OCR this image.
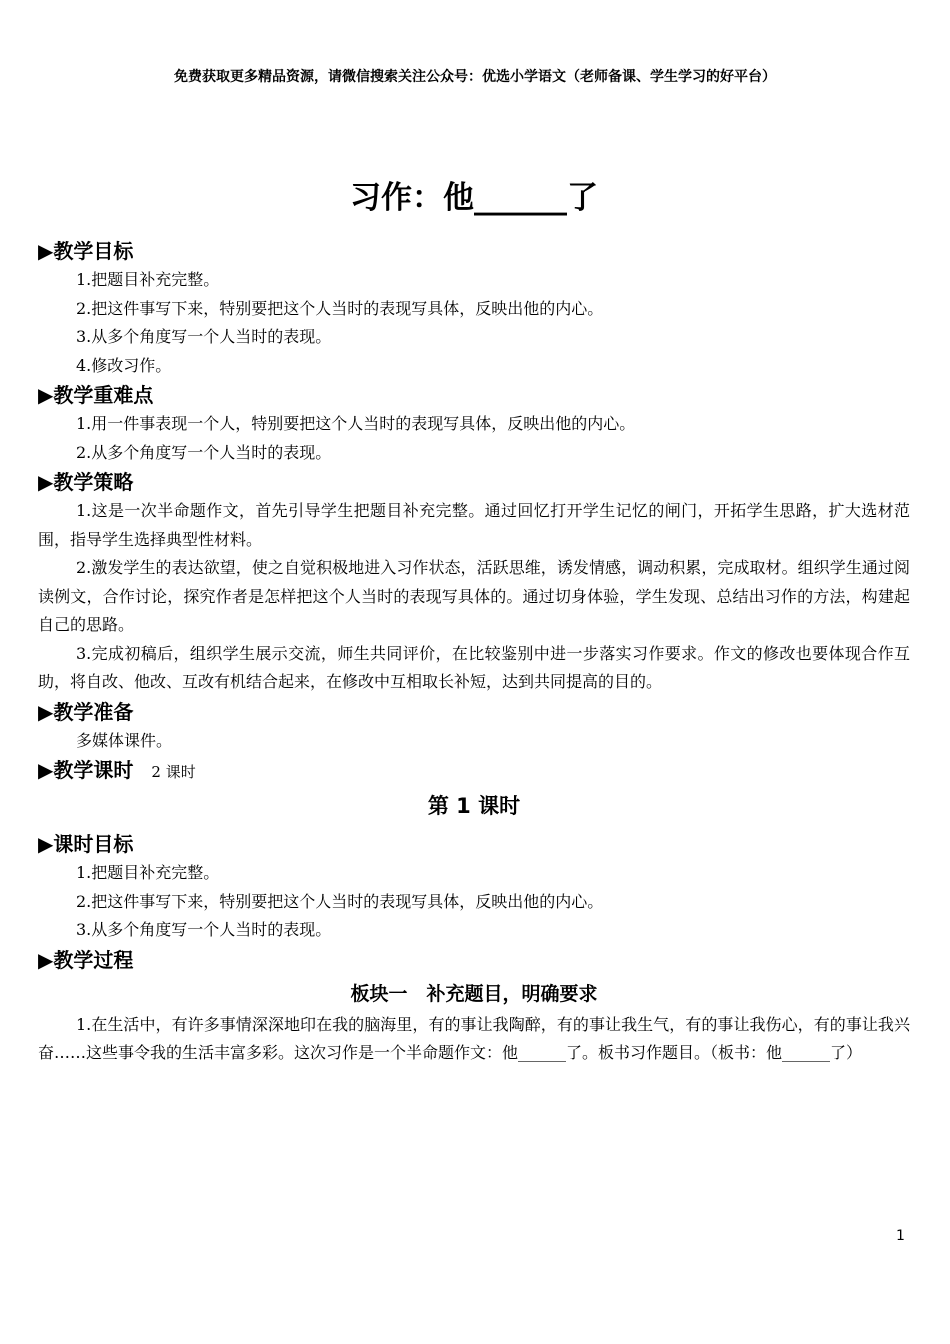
免费获取更多精品资源，请微信搜索关注公众号：优选小学语文（老师备课、学生学习的好平台）
习作：他______了
▶教学目标

1.把题目补充完整。

2.把这件事写下来，特别要把这个人当时的表现写具体，反映出他的内心。

3.从多个角度写一个人当时的表现。

4.修改习作。

▶教学重难点

1.用一件事表现一个人，特别要把这个人当时的表现写具体，反映出他的内心。

2.从多个角度写一个人当时的表现。

▶教学策略

1.这是一次半命题作文，首先引导学生把题目补充完整。通过回忆打开学生记忆的闸门，开拓学生思路，扩大选材范围，指导学生选择典型性材料。

2.激发学生的表达欲望，使之自觉积极地进入习作状态，活跃思维，诱发情感，调动积累，完成取材。组织学生通过阅读例文，合作讨论，探究作者是怎样把这个人当时的表现写具体的。通过切身体验，学生发现、总结出习作的方法，构建起自己的思路。

3.完成初稿后，组织学生展示交流，师生共同评价，在比较鉴别中进一步落实习作要求。作文的修改也要体现合作互助，将自改、他改、互改有机结合起来，在修改中互相取长补短，达到共同提高的目的。

▶教学准备

多媒体课件。

▶教学课时 2 课时
第 1 课时
▶课时目标

1.把题目补充完整。

2.把这件事写下来，特别要把这个人当时的表现写具体，反映出他的内心。

3.从多个角度写一个人当时的表现。

▶教学过程
板块一　补充题目，明确要求

1.在生活中，有许多事情深深地印在我的脑海里，有的事让我陶醉，有的事让我生气，有的事让我伤心，有的事让我兴奋……这些事令我的生活丰富多彩。这次习作是一个半命题作文：他______了。板书习作题目。（板书：他______了）

1
